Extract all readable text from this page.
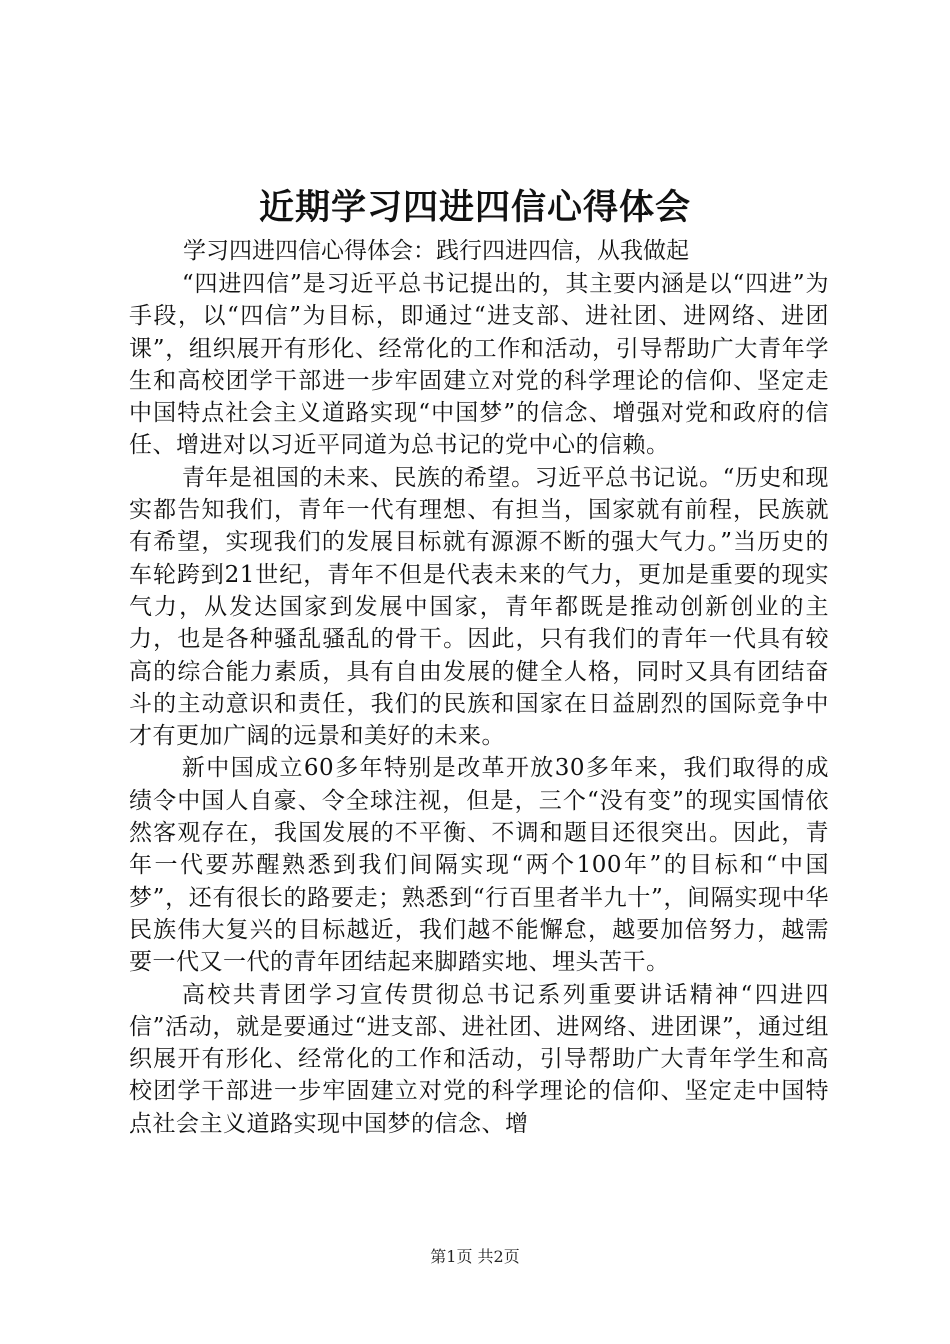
近期学习四进四信心得体会
学习四进四信心得体会：践行四进四信，从我做起

“四进四信”是习近平总书记提出的，其主要内涵是以“四进”为手段，以“四信”为目标，即通过“进支部、进社团、进网络、进团课”，组织展开有形化、经常化的工作和活动，引导帮助广大青年学生和高校团学干部进一步牢固建立对党的科学理论的信仰、坚定走中国特点社会主义道路实现“中国梦”的信念、增强对党和政府的信任、增进对以习近平同道为总书记的党中心的信赖。

青年是祖国的未来、民族的希望。习近平总书记说。“历史和现实都告知我们，青年一代有理想、有担当，国家就有前程，民族就有希望，实现我们的发展目标就有源源不断的强大气力。”当历史的车轮跨到21世纪，青年不但是代表未来的气力，更加是重要的现实气力，从发达国家到发展中国家，青年都既是推动创新创业的主力，也是各种骚乱骚乱的骨干。因此，只有我们的青年一代具有较高的综合能力素质，具有自由发展的健全人格，同时又具有团结奋斗的主动意识和责任，我们的民族和国家在日益剧烈的国际竞争中才有更加广阔的远景和美好的未来。

新中国成立60多年特别是改革开放30多年来，我们取得的成绩令中国人自豪、令全球注视，但是，三个“没有变”的现实国情依然客观存在，我国发展的不平衡、不调和题目还很突出。因此，青年一代要苏醒熟悉到我们间隔实现“两个100年”的目标和“中国梦”，还有很长的路要走；熟悉到“行百里者半九十”，间隔实现中华民族伟大复兴的目标越近，我们越不能懈怠，越要加倍努力，越需要一代又一代的青年团结起来脚踏实地、埋头苦干。

高校共青团学习宣传贯彻总书记系列重要讲话精神“四进四信”活动，就是要通过“进支部、进社团、进网络、进团课”，通过组织展开有形化、经常化的工作和活动，引导帮助广大青年学生和高校团学干部进一步牢固建立对党的科学理论的信仰、坚定走中国特点社会主义道路实现中国梦的信念、增

第1页 共2页
